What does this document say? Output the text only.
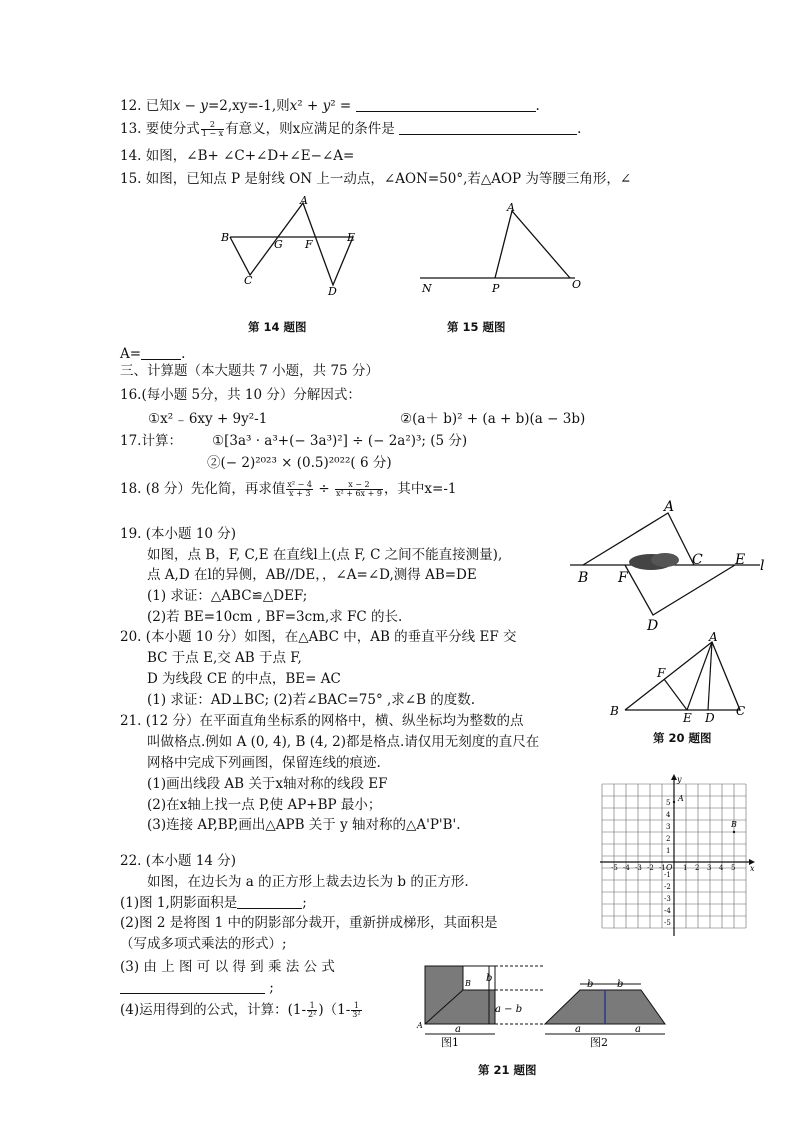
12. 已知x − y=2,xy=-1,则x² + y² =	.
13. 要使分式 $\frac{2}{1 - x}$ 有意义，则x应满足的条件是	.
14. 如图，∠B+ ∠C+∠D+∠E−∠A=
15. 如图，已知点 P 是射线 ON 上一动点，∠AON=50°,若△AOP 为等腰三角形，∠
A
B
G F
E
C
D
A
N	P	O
第 14 题图	第 15 题图
A=	.
三、计算题（本大题共 7 小题，共 75 分）
16.(每小题 5分，共 10 分）分解因式：
①x² ₋ 6xy + 9y²-1	②(a＋ b)² + (a + b)(a − 3b)
17.计算： ①[3a³ · a³+(− 3a³)²] ÷ (− 2a²)³; (5 分)
②(− 2)²⁰²³ × (0.5)²⁰²²( 6 分)
18. (8 分）先化简，再求值 $\frac{\text{x² − 4}}{x + 3} \div \frac{x - 2}{\text{x² + 6x + 9}}$ ，其中x=-1
19. (本小题 10 分)
如图，点 B，F, C,E 在直线l上(点 F, C 之间不能直接测量),
点 A,D 在l的异侧，AB//DE，，∠A=∠D,测得 AB=DE
(1) 求证：△ABC≌△DEF;
(2)若 BE=10cm , BF=3cm,求 FC 的长.
A
B F
C E l
D
20. (本小题 10 分）如图，在△ABC 中，AB 的垂直平分线 EF 交
BC 于点 E,交 AB 于点 F,
D 为线段 CE 的中点，BE= AC
(1) 求证：AD⊥BC; (2)若∠BAC=75° ,求∠B 的度数.
A
F
B	E D C
第 20 题图
21. (12 分）在平面直角坐标系的网格中，横、纵坐标均为整数的点
叫做格点.例如 A (0, 4), B (4, 2)都是格点.请仅用无刻度的直尺在
网格中完成下列画图，保留连线的痕迹.
(1)画出线段 AB 关于x轴对称的线段 EF
(2)在x轴上找一点 P,使 AP+BP 最小；
(3)连接 AP,BP,画出△APB 关于 y 轴对称的△A'P'B'.
y
x
O
A
B
-5 -4 -3 -2 -1 1 2 3 4 5
5
4
3
2
1
-1
-2
-3
-4
-5
22. (本小题 14 分)
如图，在边长为 a 的正方形上裁去边长为 b 的正方形.
(1)图 1,阴影面积是	;
(2)图 2 是将图 1 中的阴影部分裁开，重新拼成梯形，其面积是
（写成多项式乘法的形式）;
(3) 由 上 图 可 以 得 到 乘 法 公 式
;
(4)运用得到的公式，计算：$(1- \frac{1}{\text{2²}} )(1- \frac{1}{\text{3²}}$
b
a − b
a
A
B
图1
b b
a	a
图2
第 21 题图
